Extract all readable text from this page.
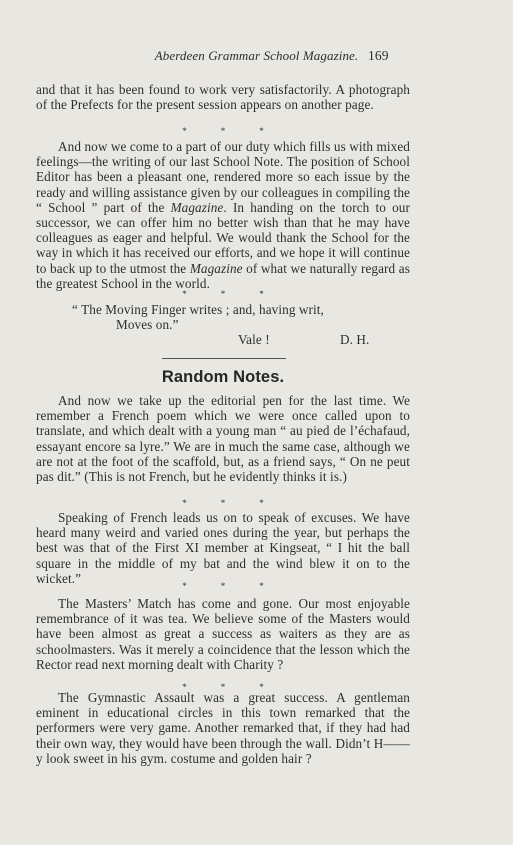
Aberdeen Grammar School Magazine. 169

and that it has been found to work very satisfactorily. A photograph of the Prefects for the present session appears on another page.

*	*	*

And now we come to a part of our duty which fills us with mixed feelings—the writing of our last School Note. The position of School Editor has been a pleasant one, rendered more so each issue by the ready and willing assistance given by our colleagues in compiling the “ School ” part of the Magazine. In handing on the torch to our successor, we can offer him no better wish than that he may have colleagues as eager and helpful. We would thank the School for the way in which it has received our efforts, and we hope it will continue to back up to the utmost the Magazine of what we naturally regard as the greatest School in the world.

*	*	*
“ The Moving Finger writes ; and, having writ,
Moves on.”
Vale !	D. H.
Random Notes.

And now we take up the editorial pen for the last time. We remember a French poem which we were once called upon to translate, and which dealt with a young man “ au pied de l’échafaud, essayant encore sa lyre.” We are in much the same case, although we are not at the foot of the scaffold, but, as a friend says, “ On ne peut pas dit.” (This is not French, but he evidently thinks it is.)

*	*	*

Speaking of French leads us on to speak of excuses. We have heard many weird and varied ones during the year, but perhaps the best was that of the First XI member at Kingseat, “ I hit the ball square in the middle of my bat and the wind blew it on to the wicket.”

*	*	*

The Masters’ Match has come and gone. Our most enjoyable remembrance of it was tea. We believe some of the Masters would have been almost as great a success as waiters as they are as schoolmasters. Was it merely a coincidence that the lesson which the Rector read next morning dealt with Charity ?

*	*	*

The Gymnastic Assault was a great success. A gentleman eminent in educational circles in this town remarked that the performers were very game. Another remarked that, if they had had their own way, they would have been through the wall. Didn’t H——y look sweet in his gym. costume and golden hair ?
